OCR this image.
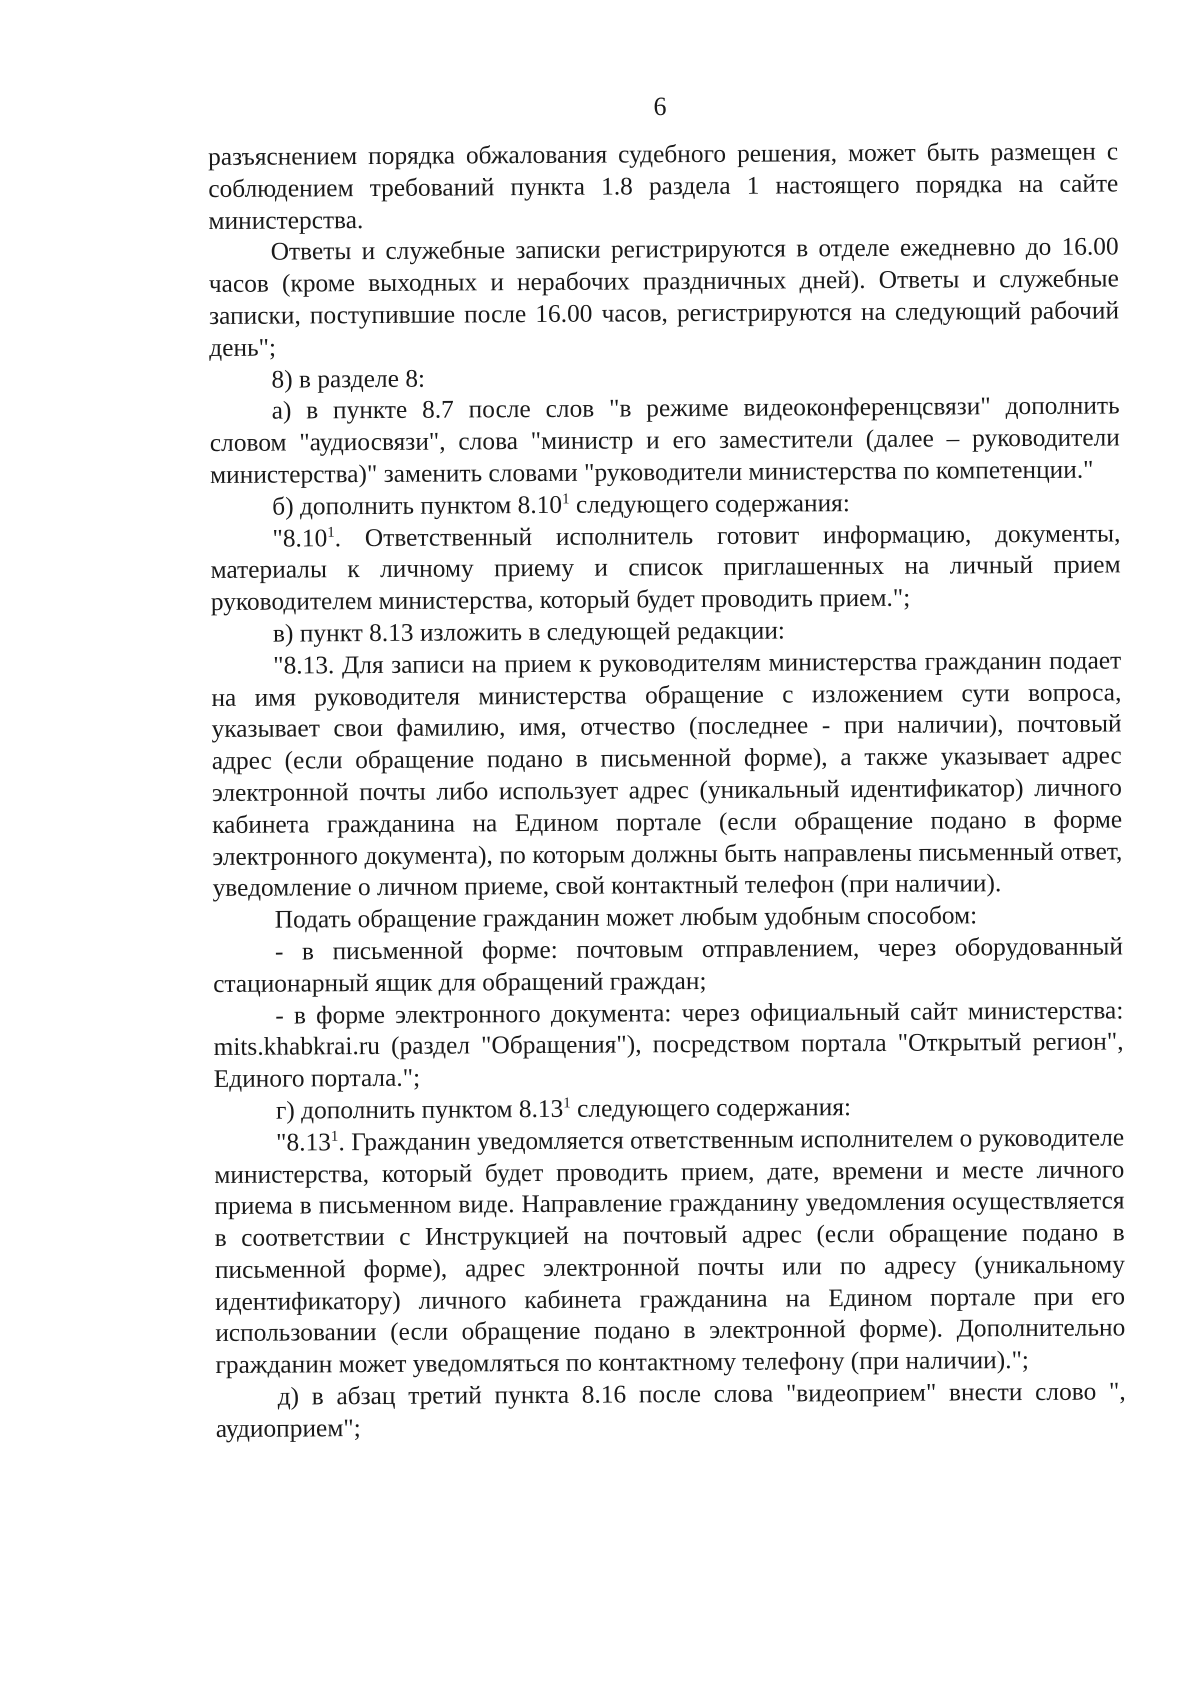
6

разъяснением порядка обжалования судебного решения, может быть размещен с соблюдением требований пункта 1.8 раздела 1 настоящего порядка на сайте министерства.

Ответы и служебные записки регистрируются в отделе ежедневно до 16.00 часов (кроме выходных и нерабочих праздничных дней). Ответы и служебные записки, поступившие после 16.00 часов, регистрируются на следующий рабочий день";

8) в разделе 8:

а) в пункте 8.7 после слов "в режиме видеоконференцсвязи" дополнить словом "аудиосвязи", слова "министр и его заместители (далее – руководители министерства)" заменить словами "руководители министерства по компетенции."

б) дополнить пунктом 8.10$^1$ следующего содержания:

"8.10$^1$. Ответственный исполнитель готовит информацию, документы, материалы к личному приему и список приглашенных на личный прием руководителем министерства, который будет проводить прием.";

в) пункт 8.13 изложить в следующей редакции:

"8.13. Для записи на прием к руководителям министерства гражданин подает на имя руководителя министерства обращение с изложением сути вопроса, указывает свои фамилию, имя, отчество (последнее - при наличии), почтовый адрес (если обращение подано в письменной форме), а также указывает адрес электронной почты либо использует адрес (уникальный идентификатор) личного кабинета гражданина на Едином портале (если обращение подано в форме электронного документа), по которым должны быть направлены письменный ответ, уведомление о личном приеме, свой контактный телефон (при наличии).

Подать обращение гражданин может любым удобным способом:

- в письменной форме: почтовым отправлением, через оборудованный стационарный ящик для обращений граждан;

- в форме электронного документа: через официальный сайт министерства: mits.khabkrai.ru (раздел "Обращения"), посредством портала "Открытый регион", Единого портала.";

г) дополнить пунктом 8.13$^1$ следующего содержания:

"8.13$^1$. Гражданин уведомляется ответственным исполнителем о руководителе министерства, который будет проводить прием, дате, времени и месте личного приема в письменном виде. Направление гражданину уведомления осуществляется в соответствии с Инструкцией на почтовый адрес (если обращение подано в письменной форме), адрес электронной почты или по адресу (уникальному идентификатору) личного кабинета гражданина на Едином портале при его использовании (если обращение подано в электронной форме). Дополнительно гражданин может уведомляться по контактному телефону (при наличии).";

д) в абзац третий пункта 8.16 после слова "видеоприем" внести слово ", аудиоприем";
